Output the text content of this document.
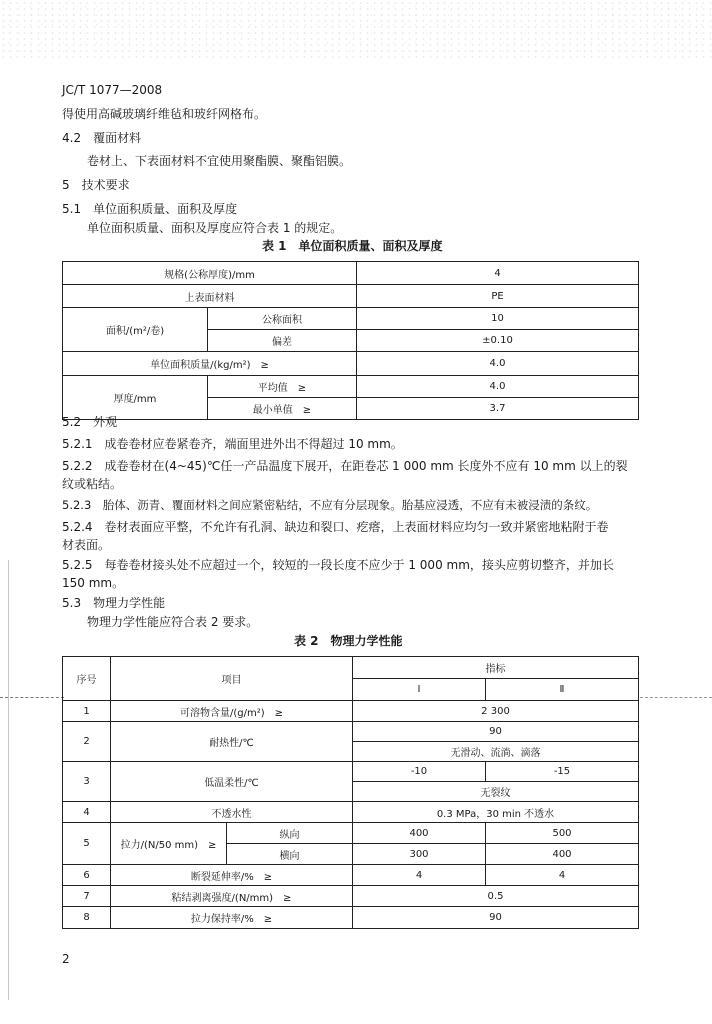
JC/T 1077—2008
得使用高碱玻璃纤维毡和玻纤网格布。
4.2　覆面材料
卷材上、下表面材料不宜使用聚酯膜、聚酯铝膜。
5　技术要求
5.1　单位面积质量、面积及厚度
单位面积质量、面积及厚度应符合表 1 的规定。
表 1　单位面积质量、面积及厚度
规格(公称厚度)/mm		4
上表面材料		PE
面积/(m²/卷)	公称面积	10
	偏差	±0.10
单位面积质量/(kg/m²)　≥		4.0
厚度/mm	平均值　≥	4.0
	最小单值　≥	3.7
5.2　外观
5.2.1　成卷卷材应卷紧卷齐，端面里进外出不得超过 10 mm。
5.2.2　成卷卷材在(4~45)℃任一产品温度下展开，在距卷芯 1 000 mm 长度外不应有 10 mm 以上的裂
纹或粘结。
5.2.3　胎体、沥青、覆面材料之间应紧密粘结，不应有分层现象。胎基应浸透，不应有未被浸渍的条纹。
5.2.4　卷材表面应平整，不允许有孔洞、缺边和裂口、疙瘩，上表面材料应均匀一致并紧密地粘附于卷
材表面。
5.2.5　每卷卷材接头处不应超过一个，较短的一段长度不应少于 1 000 mm，接头应剪切整齐，并加长
150 mm。
5.3　物理力学性能
物理力学性能应符合表 2 要求。
表 2　物理力学性能
序号	项目		指标	
			Ⅰ	Ⅱ
1	可溶物含量/(g/m²)　≥		2 300	
2	耐热性/℃		90	
			无滑动、流淌、滴落	
3	低温柔性/℃		-10	-15
			无裂纹	
4	不透水性		0.3 MPa，30 min 不透水	
5	拉力/(N/50 mm)　≥	纵向	400	500
		横向	300	400
6	断裂延伸率/%　≥		4	4
7	粘结剥离强度/(N/mm)　≥		0.5	
8	拉力保持率/%　≥		90	
2
